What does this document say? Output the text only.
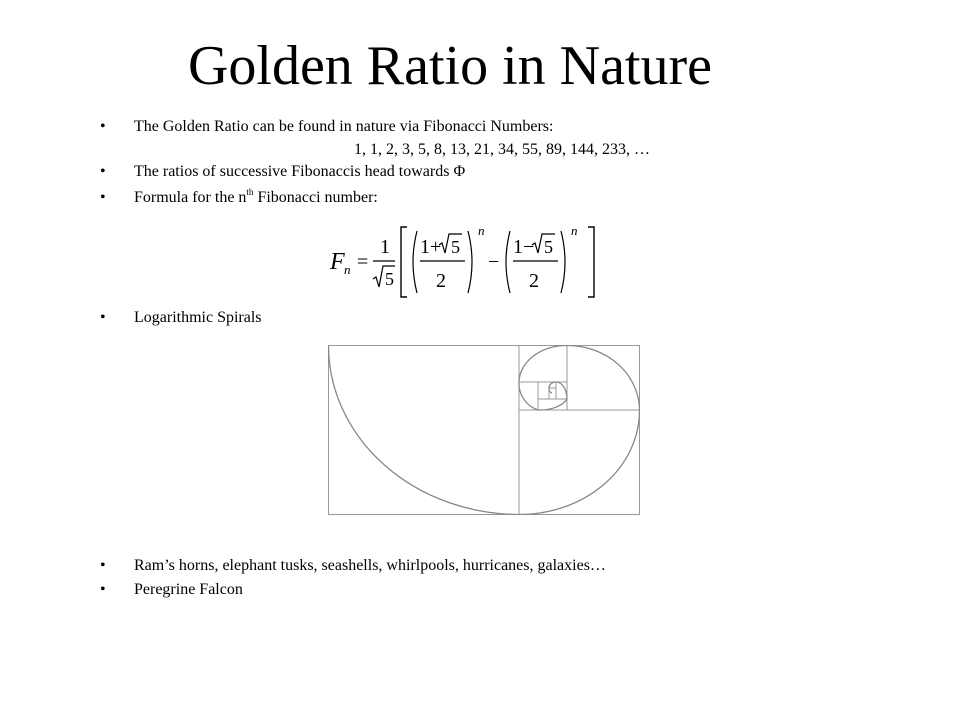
Golden Ratio in Nature
• The Golden Ratio can be found in nature via Fibonacci Numbers:
1, 1, 2, 3, 5, 8, 13, 21, 34, 55, 89, 144, 233, …
• The ratios of successive Fibonaccis head towards Φ
• Formula for the $n^{th}$ Fibonacci number:
F n =
1
5
1+ 5
2
n
−
1− 5
2
n
• Logarithmic Spirals
• Ram’s horns, elephant tusks, seashells, whirlpools, hurricanes, galaxies…
• Peregrine Falcon
